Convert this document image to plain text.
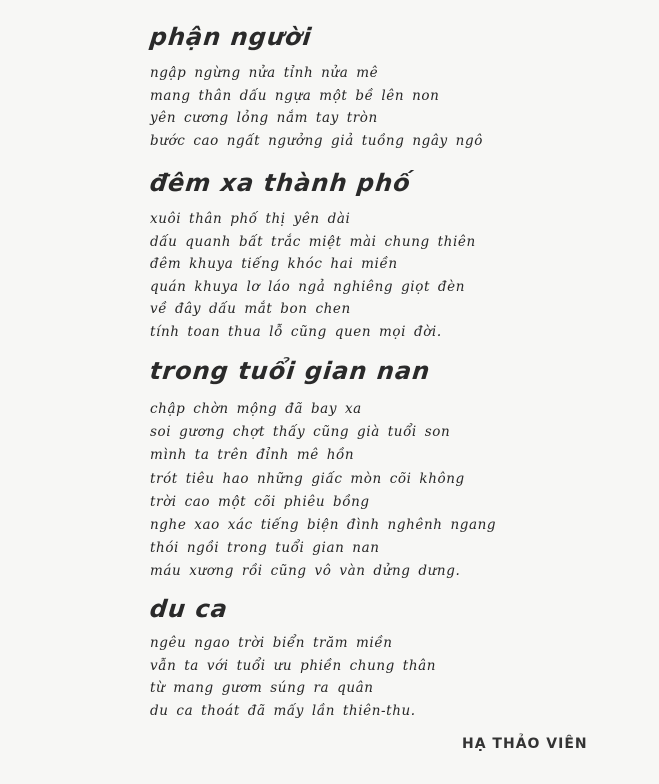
phận người
ngập ngừng nửa tỉnh nửa mê
mang thân dấu ngựa một bề lên non
yên cương lỏng nắm tay tròn
bước cao ngất ngưởng giả tuồng ngây ngô
đêm xa thành phố
xuôi thân phố thị yên dài
dấu quanh bất trắc miệt mài chung thiên
đêm khuya tiếng khóc hai miền
quán khuya lơ láo ngả nghiêng giọt đèn
về đây dấu mắt bon chen
tính toan thua lỗ cũng quen mọi đời.
trong tuổi gian nan
chập chờn mộng đã bay xa
soi gương chợt thấy cũng già tuổi son
mình ta trên đỉnh mê hồn
trót tiêu hao những giấc mòn cõi không
trời cao một cõi phiêu bồng
nghe xao xác tiếng biện đình nghênh ngang
thói ngồi trong tuổi gian nan
máu xương rồi cũng vô vàn dửng dưng.
du ca
ngêu ngao trời biển trăm miền
vẫn ta với tuổi ưu phiền chung thân
từ mang gươm súng ra quân
du ca thoát đã mấy lần thiên-thu.
HẠ THẢO VIÊN
